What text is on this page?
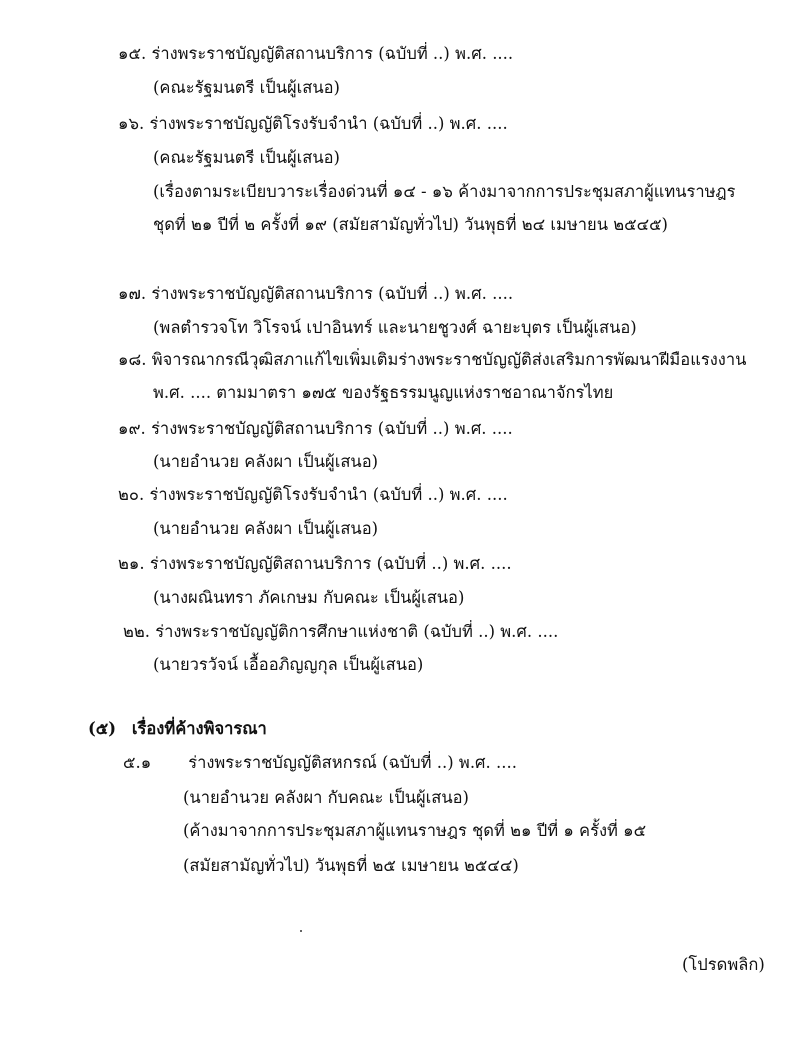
๑๕. ร่างพระราชบัญญัติสถานบริการ (ฉบับที่ ..) พ.ศ. ....
(คณะรัฐมนตรี เป็นผู้เสนอ)
๑๖. ร่างพระราชบัญญัติโรงรับจำนำ (ฉบับที่ ..) พ.ศ. ....
(คณะรัฐมนตรี เป็นผู้เสนอ)
(เรื่องตามระเบียบวาระเรื่องด่วนที่ ๑๔ - ๑๖ ค้างมาจากการประชุมสภาผู้แทนราษฎร
ชุดที่ ๒๑ ปีที่ ๒ ครั้งที่ ๑๙ (สมัยสามัญทั่วไป) วันพุธที่ ๒๔ เมษายน ๒๕๔๕)
๑๗. ร่างพระราชบัญญัติสถานบริการ (ฉบับที่ ..) พ.ศ. ....
(พลตำรวจโท วิโรจน์ เปาอินทร์ และนายชูวงศ์ ฉายะบุตร เป็นผู้เสนอ)
๑๘. พิจารณากรณีวุฒิสภาแก้ไขเพิ่มเติมร่างพระราชบัญญัติส่งเสริมการพัฒนาฝีมือแรงงาน
พ.ศ. .... ตามมาตรา ๑๗๕ ของรัฐธรรมนูญแห่งราชอาณาจักรไทย
๑๙. ร่างพระราชบัญญัติสถานบริการ (ฉบับที่ ..) พ.ศ. ....
(นายอำนวย คลังผา เป็นผู้เสนอ)
๒๐. ร่างพระราชบัญญัติโรงรับจำนำ (ฉบับที่ ..) พ.ศ. ....
(นายอำนวย คลังผา เป็นผู้เสนอ)
๒๑. ร่างพระราชบัญญัติสถานบริการ (ฉบับที่ ..) พ.ศ. ....
(นางผณินทรา ภัคเกษม กับคณะ เป็นผู้เสนอ)
๒๒. ร่างพระราชบัญญัติการศึกษาแห่งชาติ (ฉบับที่ ..) พ.ศ. ....
(นายวรวัจน์ เอื้ออภิญญกุล เป็นผู้เสนอ)
(๕) เรื่องที่ค้างพิจารณา
๕.๑ ร่างพระราชบัญญัติสหกรณ์ (ฉบับที่ ..) พ.ศ. ....
(นายอำนวย คลังผา กับคณะ เป็นผู้เสนอ)
(ค้างมาจากการประชุมสภาผู้แทนราษฎร ชุดที่ ๒๑ ปีที่ ๑ ครั้งที่ ๑๕
(สมัยสามัญทั่วไป) วันพุธที่ ๒๕ เมษายน ๒๕๔๔)
(โปรดพลิก)
